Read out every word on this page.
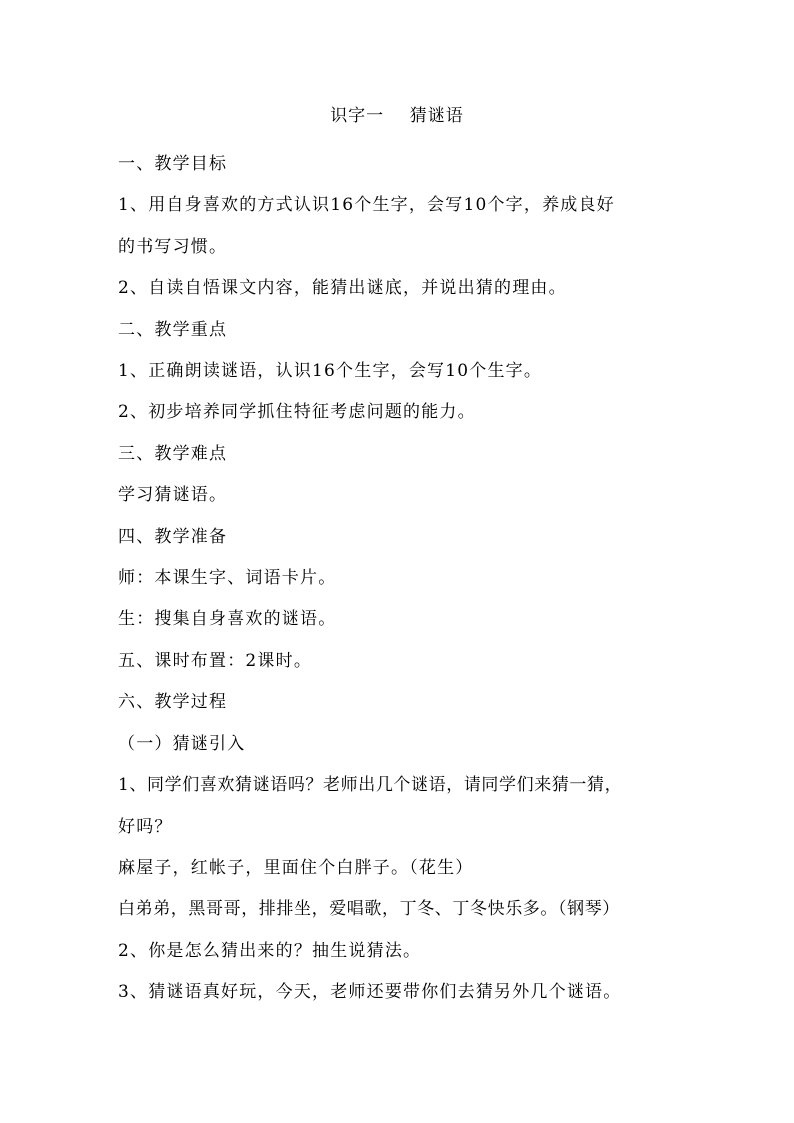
识字一    猜谜语

一、教学目标

1、用自身喜欢的方式认识16个生字，会写10个字，养成良好

的书写习惯。

2、自读自悟课文内容，能猜出谜底，并说出猜的理由。

二、教学重点

1、正确朗读谜语，认识16个生字，会写10个生字。

2、初步培养同学抓住特征考虑问题的能力。

三、教学难点

学习猜谜语。

四、教学准备

师：本课生字、词语卡片。

生：搜集自身喜欢的谜语。

五、课时布置：2课时。

六、教学过程

（一）猜谜引入

1、同学们喜欢猜谜语吗？老师出几个谜语，请同学们来猜一猜，

好吗？

麻屋子，红帐子，里面住个白胖子。（花生）

白弟弟，黑哥哥，排排坐，爱唱歌，丁冬、丁冬快乐多。（钢琴）

2、你是怎么猜出来的？抽生说猜法。

3、猜谜语真好玩，今天，老师还要带你们去猜另外几个谜语。
